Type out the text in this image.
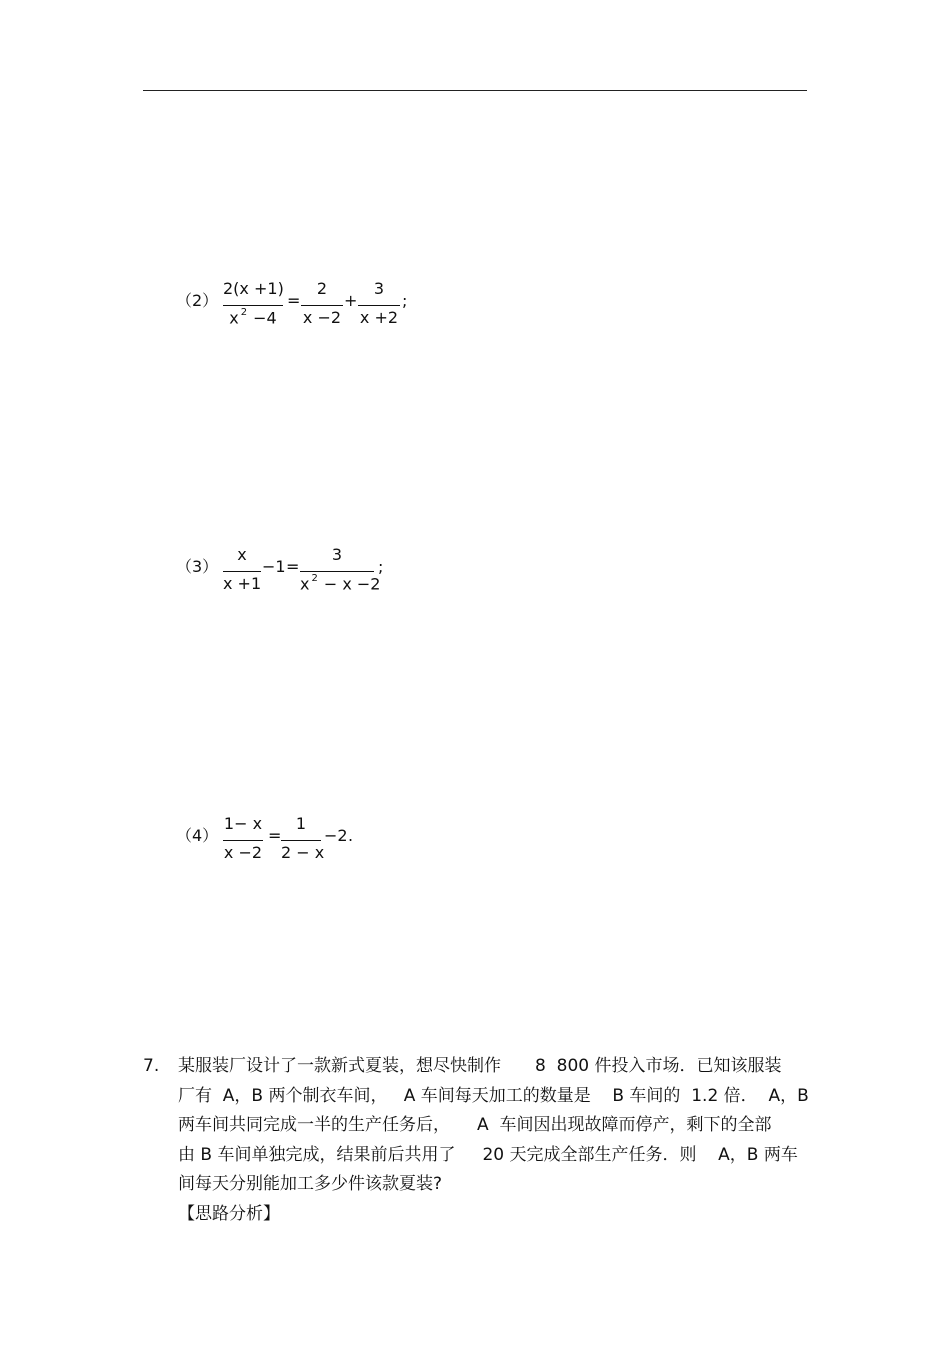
（2）
2(x +1)
x $^2$ −4
=
2
x −2
+
3
x +2
;
（3）
x
x +1
−1 =
3
x $^2$ − x −2
;
（4）
1− x
x −2
=
1
2 − x
−2 .
7. 某服装厂设计了一款新式夏装，想尽快制作　　8  800 件投入市场．已知该服装
厂有  A，B 两个制衣车间，   A 车间每天加工的数量是    B 车间的  1.2 倍．  A，B
两车间共同完成一半的生产任务后，     A  车间因出现故障而停产，剩下的全部
由 B 车间单独完成，结果前后共用了     20 天完成全部生产任务．则    A，B 两车
间每天分别能加工多少件该款夏装?
【思路分析】
